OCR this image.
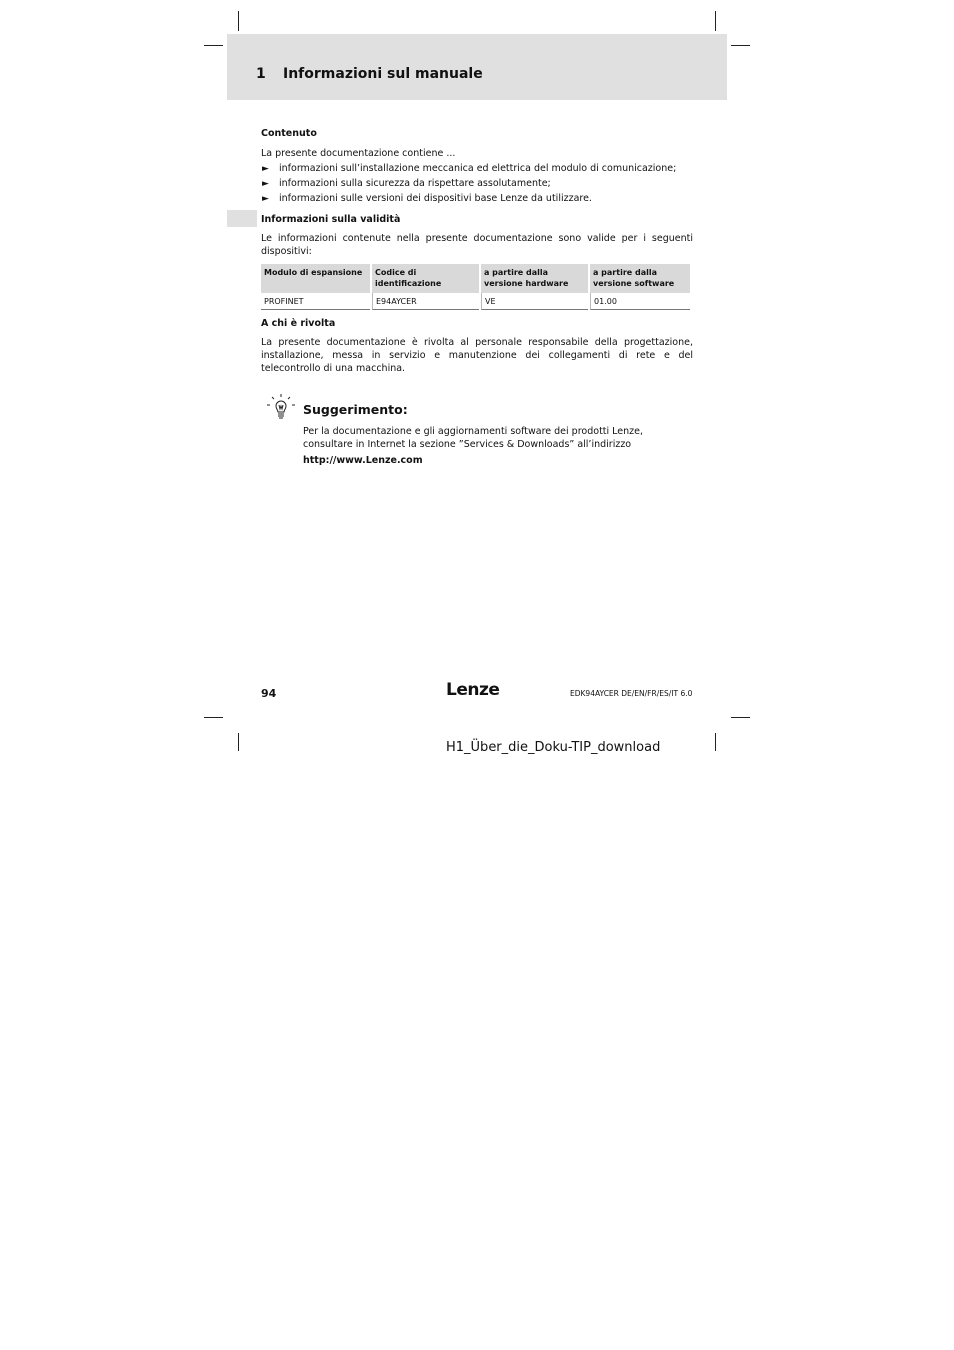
1 Informazioni sul manuale
Contenuto
La presente documentazione contiene ...
► informazioni sull’installazione meccanica ed elettrica del modulo di comunicazione;
► informazioni sulla sicurezza da rispettare assolutamente;
► informazioni sulle versioni dei dispositivi base Lenze da utilizzare.
Informazioni sulla validità
Le informazioni contenute nella presente documentazione sono valide per i seguenti dispositivi:
Modulo di espansione	Codice di identificazione	a partire dalla versione hardware	a partire dalla versione software
PROFINET	E94AYCER	VE	01.00
A chi è rivolta
La presente documentazione è rivolta al personale responsabile della progettazione, installazione, messa in servizio e manutenzione dei collegamenti di rete e del telecontrollo di una macchina.
Suggerimento:
Per la documentazione e gli aggiornamenti software dei prodotti Lenze, consultare in Internet la sezione ”Services & Downloads” all’indirizzo
http://www.Lenze.com
94	Lenze	EDK94AYCER DE/EN/FR/ES/IT 6.0
H1_Über_die_Doku-TIP_download
